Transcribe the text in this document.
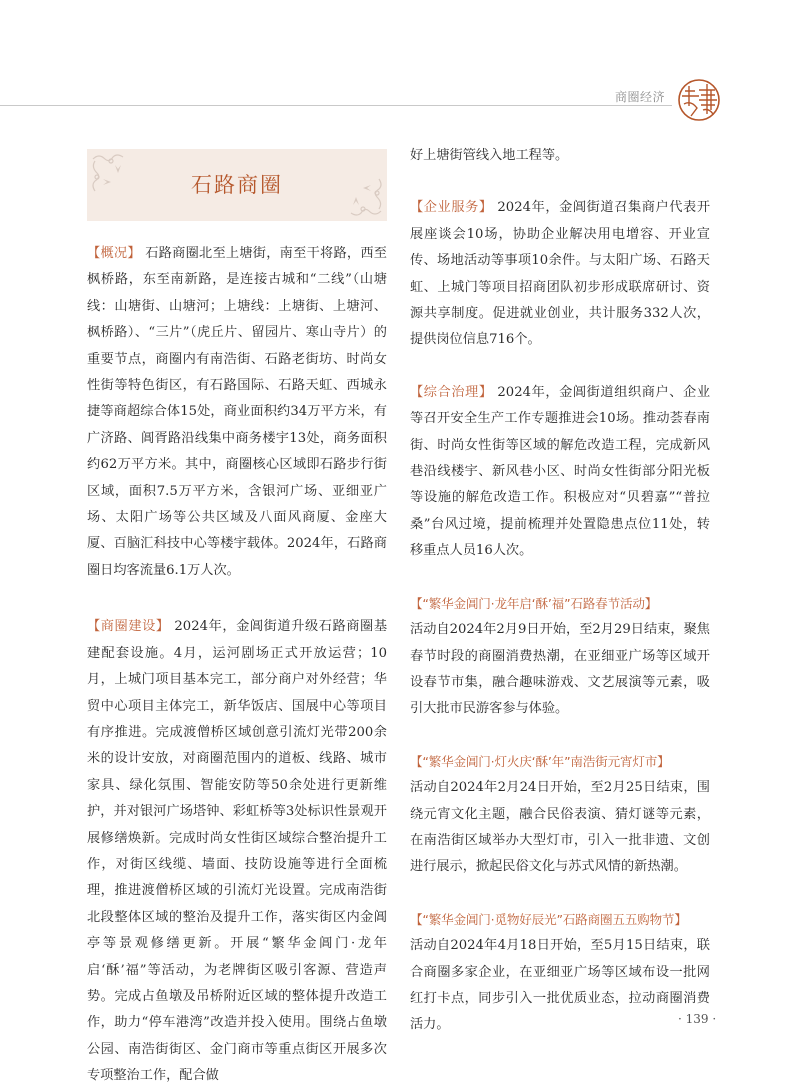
商圈经济
石路商圈

【概况】 石路商圈北至上塘街，南至干将路，西至枫桥路，东至南新路，是连接古城和“二线”（山塘线：山塘街、山塘河；上塘线：上塘街、上塘河、枫桥路）、“三片”（虎丘片、留园片、寒山寺片）的重要节点，商圈内有南浩街、石路老街坊、时尚女性街等特色街区，有石路国际、石路天虹、西城永捷等商超综合体15处，商业面积约34万平方米，有广济路、阊胥路沿线集中商务楼宇13处，商务面积约62万平方米。其中，商圈核心区域即石路步行街区域，面积7.5万平方米，含银河广场、亚细亚广场、太阳广场等公共区域及八面风商厦、金座大厦、百脑汇科技中心等楼宇载体。2024年，石路商圈日均客流量6.1万人次。

【商圈建设】 2024年，金阊街道升级石路商圈基建配套设施。4月，运河剧场正式开放运营；10月，上城门项目基本完工，部分商户对外经营；华贸中心项目主体完工，新华饭店、国展中心等项目有序推进。完成渡僧桥区域创意引流灯光带200余米的设计安放，对商圈范围内的道板、线路、城市家具、绿化氛围、智能安防等50余处进行更新维护，并对银河广场塔钟、彩虹桥等3处标识性景观开展修缮焕新。完成时尚女性街区域综合整治提升工作，对街区线缆、墙面、技防设施等进行全面梳理，推进渡僧桥区域的引流灯光设置。完成南浩街北段整体区域的整治及提升工作，落实街区内金阊亭等景观修缮更新。开展“繁华金阊门·龙年启‘酥’福”等活动，为老牌街区吸引客源、营造声势。完成占鱼墩及吊桥附近区域的整体提升改造工作，助力“停车港湾”改造并投入使用。围绕占鱼墩公园、南浩街街区、金门商市等重点街区开展多次专项整治工作，配合做

好上塘街管线入地工程等。

【企业服务】 2024年，金阊街道召集商户代表开展座谈会10场，协助企业解决用电增容、开业宣传、场地活动等事项10余件。与太阳广场、石路天虹、上城门等项目招商团队初步形成联席研讨、资源共享制度。促进就业创业，共计服务332人次，提供岗位信息716个。

【综合治理】 2024年，金阊街道组织商户、企业等召开安全生产工作专题推进会10场。推动荟春南街、时尚女性街等区域的解危改造工程，完成新风巷沿线楼宇、新风巷小区、时尚女性街部分阳光板等设施的解危改造工作。积极应对“贝碧嘉”“普拉桑”台风过境，提前梳理并处置隐患点位11处，转移重点人员16人次。

【“繁华金阊门·龙年启‘酥’福”石路春节活动】
活动自2024年2月9日开始，至2月29日结束，聚焦春节时段的商圈消费热潮，在亚细亚广场等区域开设春节市集，融合趣味游戏、文艺展演等元素，吸引大批市民游客参与体验。
【“繁华金阊门·灯火庆‘酥’年”南浩街元宵灯市】
活动自2024年2月24日开始，至2月25日结束，围绕元宵文化主题，融合民俗表演、猜灯谜等元素，在南浩街区域举办大型灯市，引入一批非遗、文创进行展示，掀起民俗文化与苏式风情的新热潮。
【“繁华金阊门·觅物好辰光”石路商圈五五购物节】
活动自2024年4月18日开始，至5月15日结束，联合商圈多家企业，在亚细亚广场等区域布设一批网红打卡点，同步引入一批优质业态，拉动商圈消费活力。	· 139 ·
